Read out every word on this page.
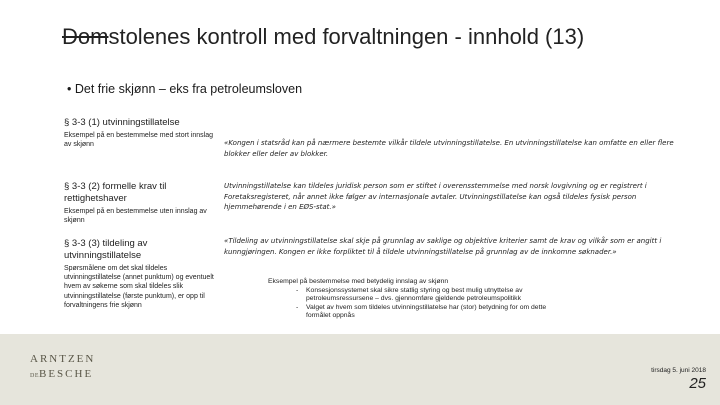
Domstolenes kontroll med forvaltningen - innhold (13)
• Det frie skjønn – eks fra petroleumsloven
§ 3-3 (1) utvinningstillatelse
Eksempel på en bestemmelse med stort innslag av skjønn	«Kongen i statsråd kan på nærmere bestemte vilkår tildele utvinningstillatelse. En utvinningstillatelse kan omfatte en eller flere blokker eller deler av blokker.
§ 3-3 (2) formelle krav til rettighetshaver
Eksempel på en bestemmelse uten innslag av skjønn
Utvinningstillatelse kan tildeles juridisk person som er stiftet i overensstemmelse med norsk lovgivning og er registrert i Foretaksregisteret, når annet ikke følger av internasjonale avtaler. Utvinningstillatelse kan også tildeles fysisk person hjemmehørende i en EØS-stat.»
§ 3-3 (3) tildeling av utvinningstillatelse
Spørsmålene om det skal tildeles utvinningstillatelse (annet punktum) og eventuelt hvem av søkerne som skal tildeles slik utvinningstillatelse (første punktum), er opp til forvaltningens frie skjønn
«Tildeling av utvinningstillatelse skal skje på grunnlag av saklige og objektive kriterier samt de krav og vilkår som er angitt i kunngjøringen. Kongen er ikke forpliktet til å tildele utvinningstillatelse på grunnlag av de innkomne søknader.»
Eksempel på bestemmelse med betydelig innslag av skjønn
- Konsesjonssystemet skal sikre statlig styring og best mulig utnyttelse av petroleumsressursene – dvs. gjennomføre gjeldende petroleumspolitikk
- Valget av hvem som tildeles utvinningstillatelse har (stor) betydning for om dette formålet oppnås
ARNTZEN
DEBESCHE	tirsdag 5. juni 2018
25
